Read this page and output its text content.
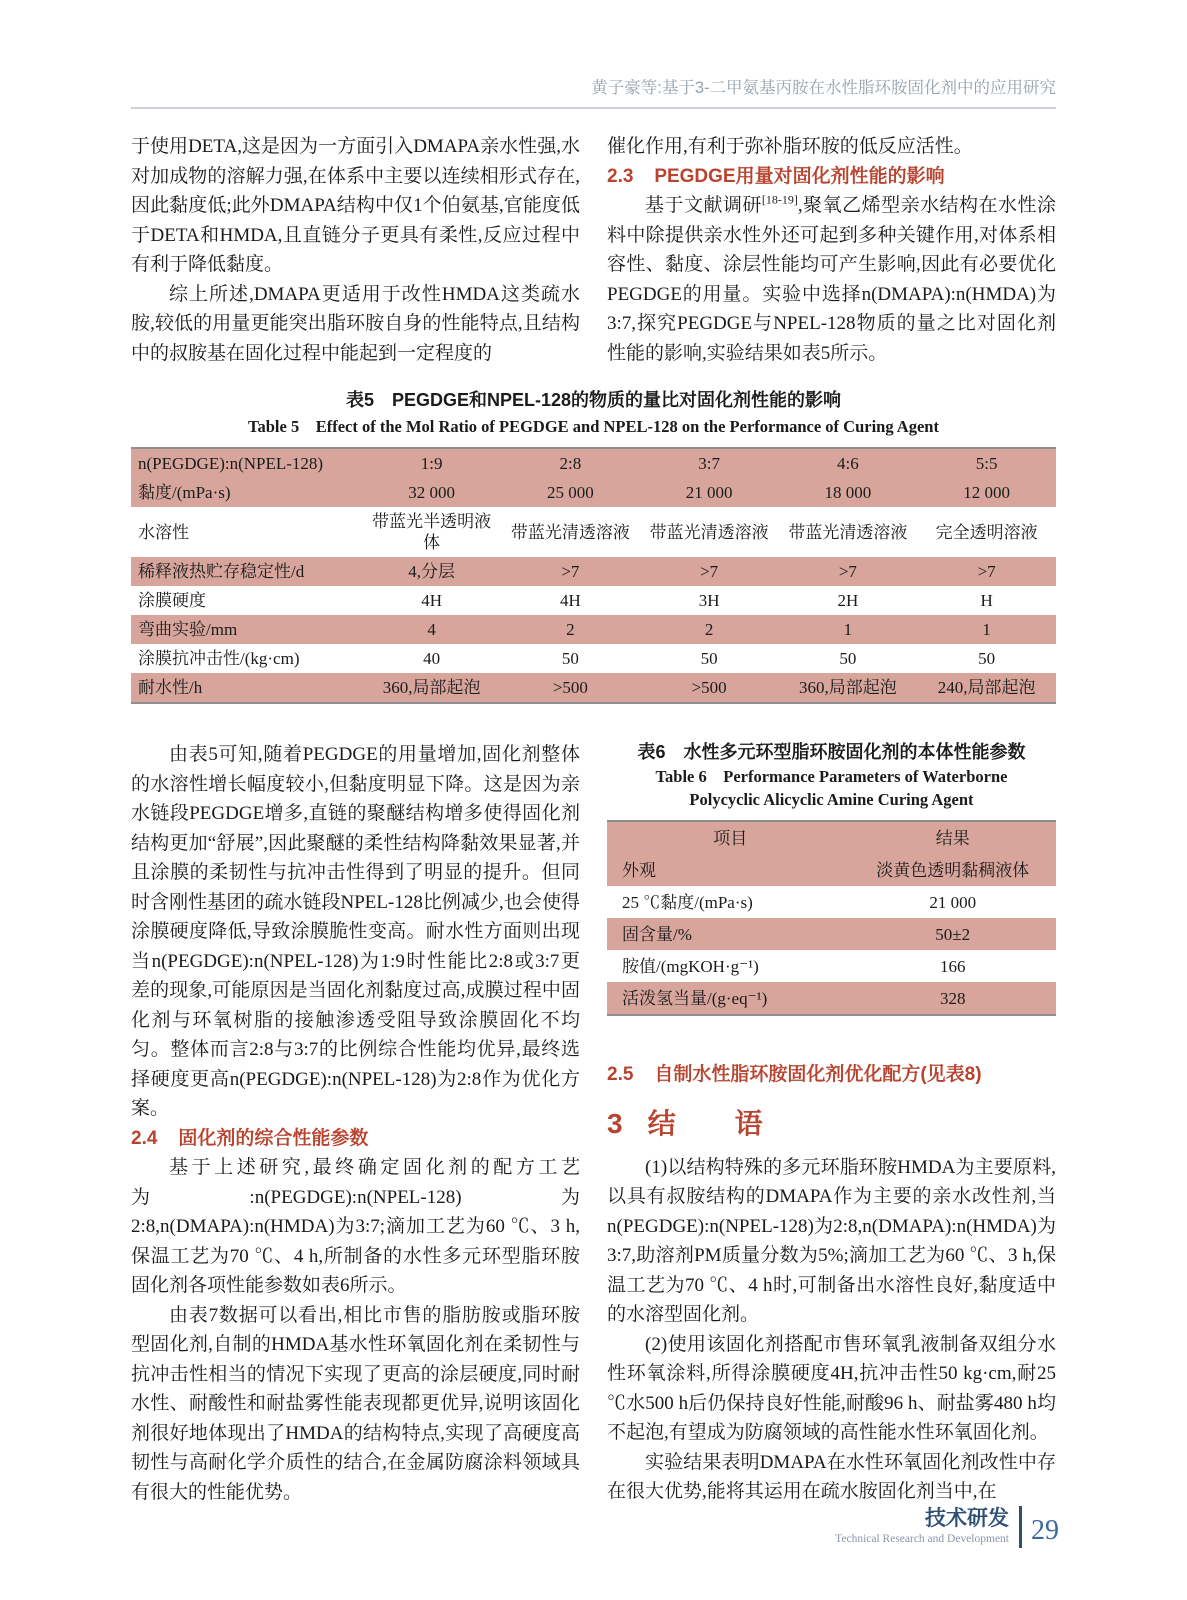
黄子豪等:基于3-二甲氨基丙胺在水性脂环胺固化剂中的应用研究

于使用DETA,这是因为一方面引入DMAPA亲水性强,水对加成物的溶解力强,在体系中主要以连续相形式存在,因此黏度低;此外DMAPA结构中仅1个伯氨基,官能度低于DETA和HMDA,且直链分子更具有柔性,反应过程中有利于降低黏度。

综上所述,DMAPA更适用于改性HMDA这类疏水胺,较低的用量更能突出脂环胺自身的性能特点,且结构中的叔胺基在固化过程中能起到一定程度的

催化作用,有利于弥补脂环胺的低反应活性。

2.3 PEGDGE用量对固化剂性能的影响

基于文献调研[18-19],聚氧乙烯型亲水结构在水性涂料中除提供亲水性外还可起到多种关键作用,对体系相容性、黏度、涂层性能均可产生影响,因此有必要优化PEGDGE的用量。实验中选择n(DMAPA):n(HMDA)为3:7,探究PEGDGE与NPEL-128物质的量之比对固化剂性能的影响,实验结果如表5所示。

表5　PEGDGE和NPEL-128的物质的量比对固化剂性能的影响
Table 5　Effect of the Mol Ratio of PEGDGE and NPEL-128 on the Performance of Curing Agent
n(PEGDGE):n(NPEL-128)	1:9	2:8	3:7	4:6	5:5
黏度/(mPa·s)	32 000	25 000	21 000	18 000	12 000
水溶性	带蓝光半透明液体	带蓝光清透溶液	带蓝光清透溶液	带蓝光清透溶液	完全透明溶液
稀释液热贮存稳定性/d	4,分层	>7	>7	>7	>7
涂膜硬度	4H	4H	3H	2H	H
弯曲实验/mm	4	2	2	1	1
涂膜抗冲击性/(kg·cm)	40	50	50	50	50
耐水性/h	360,局部起泡	>500	>500	360,局部起泡	240,局部起泡

由表5可知,随着PEGDGE的用量增加,固化剂整体的水溶性增长幅度较小,但黏度明显下降。这是因为亲水链段PEGDGE增多,直链的聚醚结构增多使得固化剂结构更加“舒展”,因此聚醚的柔性结构降黏效果显著,并且涂膜的柔韧性与抗冲击性得到了明显的提升。但同时含刚性基团的疏水链段NPEL-128比例减少,也会使得涂膜硬度降低,导致涂膜脆性变高。耐水性方面则出现当n(PEGDGE):n(NPEL-128)为1:9时性能比2:8或3:7更差的现象,可能原因是当固化剂黏度过高,成膜过程中固化剂与环氧树脂的接触渗透受阻导致涂膜固化不均匀。整体而言2:8与3:7的比例综合性能均优异,最终选择硬度更高n(PEGDGE):n(NPEL-128)为2:8作为优化方案。

2.4 固化剂的综合性能参数

基于上述研究,最终确定固化剂的配方工艺为:n(PEGDGE):n(NPEL-128)为2:8,n(DMAPA):n(HMDA)为3:7;滴加工艺为60 ℃、3 h,保温工艺为70 ℃、4 h,所制备的水性多元环型脂环胺固化剂各项性能参数如表6所示。

由表7数据可以看出,相比市售的脂肪胺或脂环胺型固化剂,自制的HMDA基水性环氧固化剂在柔韧性与抗冲击性相当的情况下实现了更高的涂层硬度,同时耐水性、耐酸性和耐盐雾性能表现都更优异,说明该固化剂很好地体现出了HMDA的结构特点,实现了高硬度高韧性与高耐化学介质性的结合,在金属防腐涂料领域具有很大的性能优势。

表6　水性多元环型脂环胺固化剂的本体性能参数
Table 6　Performance Parameters of Waterborne
Polycyclic Alicyclic Amine Curing Agent
项目	结果
外观	淡黄色透明黏稠液体
25 ℃黏度/(mPa·s)	21 000
固含量/%	50±2
胺值/(mgKOH·g⁻¹)	166
活泼氢当量/(g·eq⁻¹)	328
2.5 自制水性脂环胺固化剂优化配方(见表8)
3 结　语

(1)以结构特殊的多元环脂环胺HMDA为主要原料,以具有叔胺结构的DMAPA作为主要的亲水改性剂,当n(PEGDGE):n(NPEL-128)为2:8,n(DMAPA):n(HMDA)为3:7,助溶剂PM质量分数为5%;滴加工艺为60 ℃、3 h,保温工艺为70 ℃、4 h时,可制备出水溶性良好,黏度适中的水溶型固化剂。

(2)使用该固化剂搭配市售环氧乳液制备双组分水性环氧涂料,所得涂膜硬度4H,抗冲击性50 kg·cm,耐25 ℃水500 h后仍保持良好性能,耐酸96 h、耐盐雾480 h均不起泡,有望成为防腐领域的高性能水性环氧固化剂。

实验结果表明DMAPA在水性环氧固化剂改性中存在很大优势,能将其运用在疏水胺固化剂当中,在

技术研发
Technical Research and Development 29
